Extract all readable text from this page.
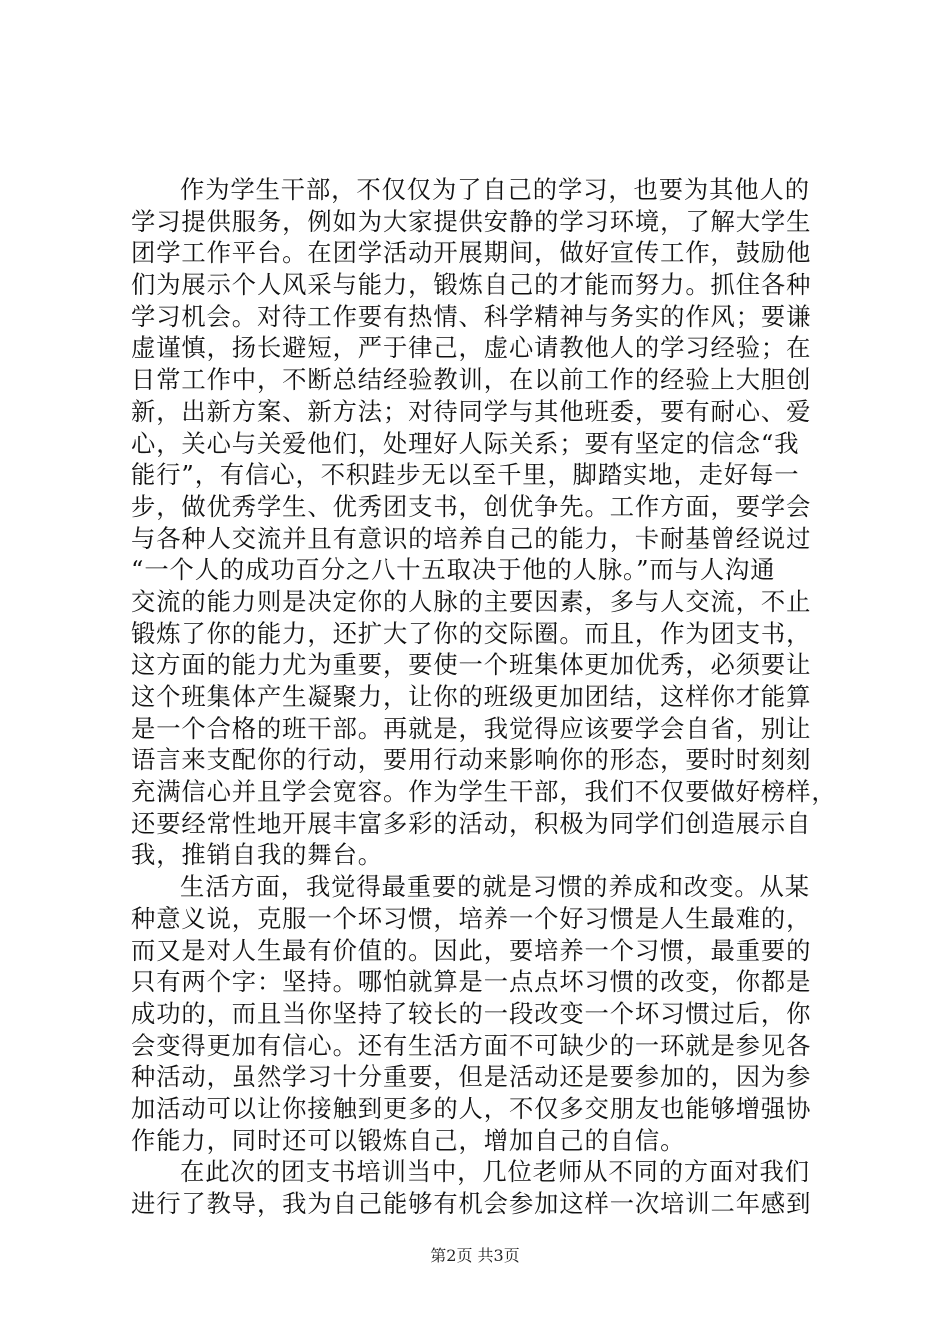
作为学生干部，不仅仅为了自己的学习，也要为其他人的
学习提供服务，例如为大家提供安静的学习环境，了解大学生
团学工作平台。在团学活动开展期间，做好宣传工作，鼓励他
们为展示个人风采与能力，锻炼自己的才能而努力。抓住各种
学习机会。对待工作要有热情、科学精神与务实的作风；要谦
虚谨慎，扬长避短，严于律己，虚心请教他人的学习经验；在
日常工作中，不断总结经验教训，在以前工作的经验上大胆创
新，出新方案、新方法；对待同学与其他班委，要有耐心、爱
心，关心与关爱他们，处理好人际关系；要有坚定的信念“我
能行”，有信心，不积跬步无以至千里，脚踏实地，走好每一
步，做优秀学生、优秀团支书，创优争先。工作方面，要学会
与各种人交流并且有意识的培养自己的能力，卡耐基曾经说过
“一个人的成功百分之八十五取决于他的人脉。”而与人沟通
交流的能力则是决定你的人脉的主要因素，多与人交流，不止
锻炼了你的能力，还扩大了你的交际圈。而且，作为团支书，
这方面的能力尤为重要，要使一个班集体更加优秀，必须要让
这个班集体产生凝聚力，让你的班级更加团结，这样你才能算
是一个合格的班干部。再就是，我觉得应该要学会自省，别让
语言来支配你的行动，要用行动来影响你的形态，要时时刻刻
充满信心并且学会宽容。作为学生干部，我们不仅要做好榜样，
还要经常性地开展丰富多彩的活动，积极为同学们创造展示自
我，推销自我的舞台。
生活方面，我觉得最重要的就是习惯的养成和改变。从某
种意义说，克服一个坏习惯，培养一个好习惯是人生最难的，
而又是对人生最有价值的。因此，要培养一个习惯，最重要的
只有两个字：坚持。哪怕就算是一点点坏习惯的改变，你都是
成功的，而且当你坚持了较长的一段改变一个坏习惯过后，你
会变得更加有信心。还有生活方面不可缺少的一环就是参见各
种活动，虽然学习十分重要，但是活动还是要参加的，因为参
加活动可以让你接触到更多的人，不仅多交朋友也能够增强协
作能力，同时还可以锻炼自己，增加自己的自信。
在此次的团支书培训当中，几位老师从不同的方面对我们
进行了教导，我为自己能够有机会参加这样一次培训二年感到
第2页 共3页
